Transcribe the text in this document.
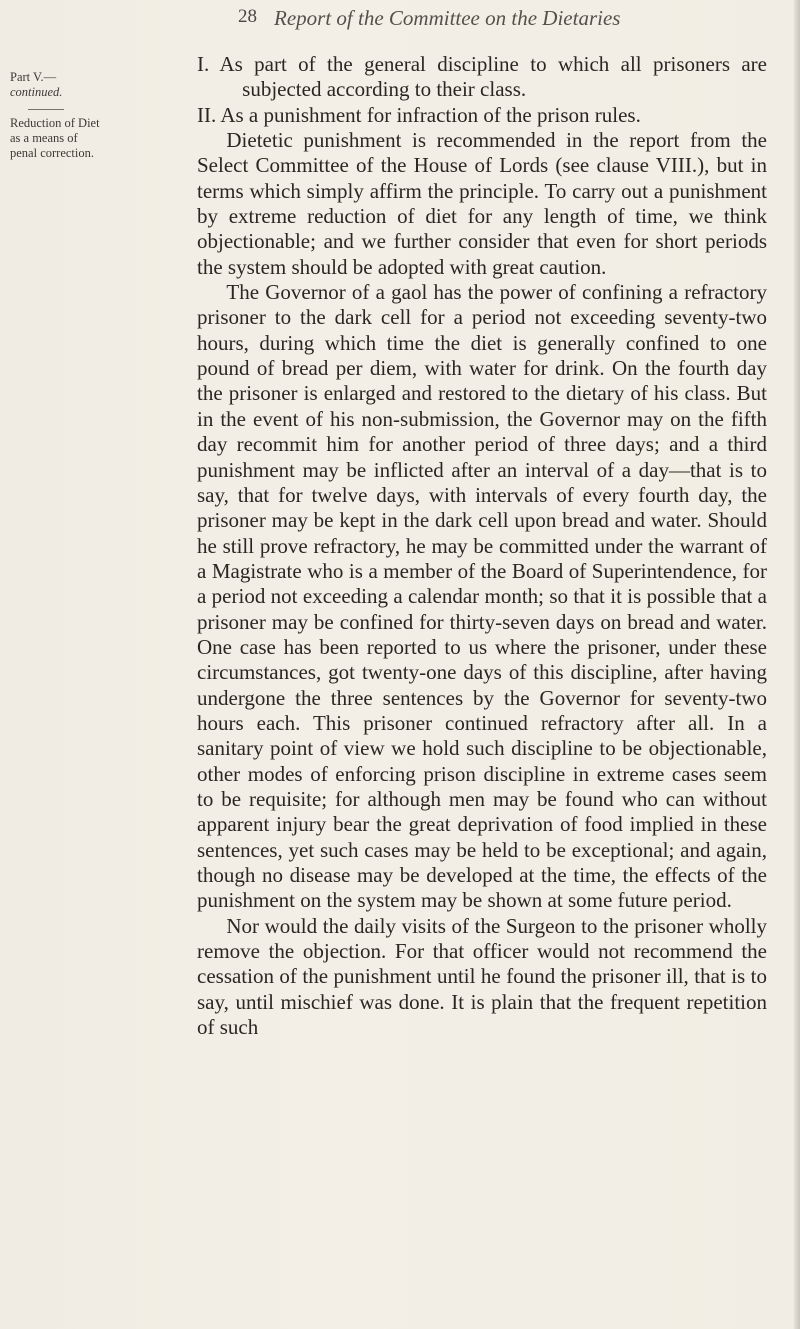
28 Report of the Committee on the Dietaries
Part V.—
continued.
Reduction of Diet as a means of penal correction.

I. As part of the general discipline to which all prisoners are subjected according to their class.

II. As a punishment for infraction of the prison rules.

Dietetic punishment is recommended in the report from the Select Committee of the House of Lords (see clause VIII.), but in terms which simply affirm the principle. To carry out a punishment by extreme reduction of diet for any length of time, we think objectionable; and we further consider that even for short periods the system should be adopted with great caution.

The Governor of a gaol has the power of confining a refractory prisoner to the dark cell for a period not exceeding seventy-two hours, during which time the diet is generally confined to one pound of bread per diem, with water for drink. On the fourth day the prisoner is enlarged and restored to the dietary of his class. But in the event of his non-submission, the Governor may on the fifth day recommit him for another period of three days; and a third punishment may be inflicted after an interval of a day—that is to say, that for twelve days, with intervals of every fourth day, the prisoner may be kept in the dark cell upon bread and water. Should he still prove refractory, he may be committed under the warrant of a Magistrate who is a member of the Board of Superintendence, for a period not exceeding a calendar month; so that it is possible that a prisoner may be confined for thirty-seven days on bread and water. One case has been reported to us where the prisoner, under these circumstances, got twenty-one days of this discipline, after having undergone the three sentences by the Governor for seventy-two hours each. This prisoner continued refractory after all. In a sanitary point of view we hold such discipline to be objectionable, other modes of enforcing prison discipline in extreme cases seem to be requisite; for although men may be found who can without apparent injury bear the great deprivation of food implied in these sentences, yet such cases may be held to be exceptional; and again, though no disease may be developed at the time, the effects of the punishment on the system may be shown at some future period.

Nor would the daily visits of the Surgeon to the prisoner wholly remove the objection. For that officer would not recommend the cessation of the punishment until he found the prisoner ill, that is to say, until mischief was done. It is plain that the frequent repetition of such
